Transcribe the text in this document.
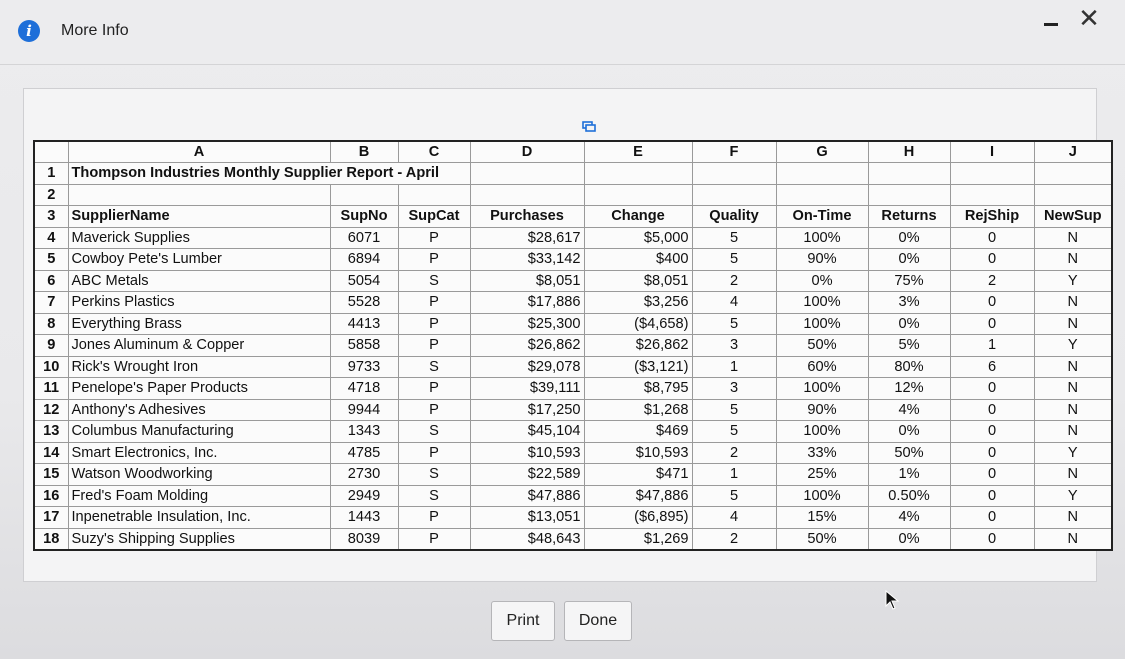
i	More Info	✕
	A	B	C	D	E	F	G	H	I	J
1	Thompson Industries Monthly Supplier Report - April									
2										
3	SupplierName	SupNo	SupCat	Purchases	Change	Quality	On-Time	Returns	RejShip	NewSup
4	Maverick Supplies	6071	P	$28,617	$5,000	5	100%	0%	0	N
5	Cowboy Pete's Lumber	6894	P	$33,142	$400	5	90%	0%	0	N
6	ABC Metals	5054	S	$8,051	$8,051	2	0%	75%	2	Y
7	Perkins Plastics	5528	P	$17,886	$3,256	4	100%	3%	0	N
8	Everything Brass	4413	P	$25,300	($4,658)	5	100%	0%	0	N
9	Jones Aluminum & Copper	5858	P	$26,862	$26,862	3	50%	5%	1	Y
10	Rick's Wrought Iron	9733	S	$29,078	($3,121)	1	60%	80%	6	N
11	Penelope's Paper Products	4718	P	$39,111	$8,795	3	100%	12%	0	N
12	Anthony's Adhesives	9944	P	$17,250	$1,268	5	90%	4%	0	N
13	Columbus Manufacturing	1343	S	$45,104	$469	5	100%	0%	0	N
14	Smart Electronics, Inc.	4785	P	$10,593	$10,593	2	33%	50%	0	Y
15	Watson Woodworking	2730	S	$22,589	$471	1	25%	1%	0	N
16	Fred's Foam Molding	2949	S	$47,886	$47,886	5	100%	0.50%	0	Y
17	Inpenetrable Insulation, Inc.	1443	P	$13,051	($6,895)	4	15%	4%	0	N
18	Suzy's Shipping Supplies	8039	P	$48,643	$1,269	2	50%	0%	0	N
Print	Done
